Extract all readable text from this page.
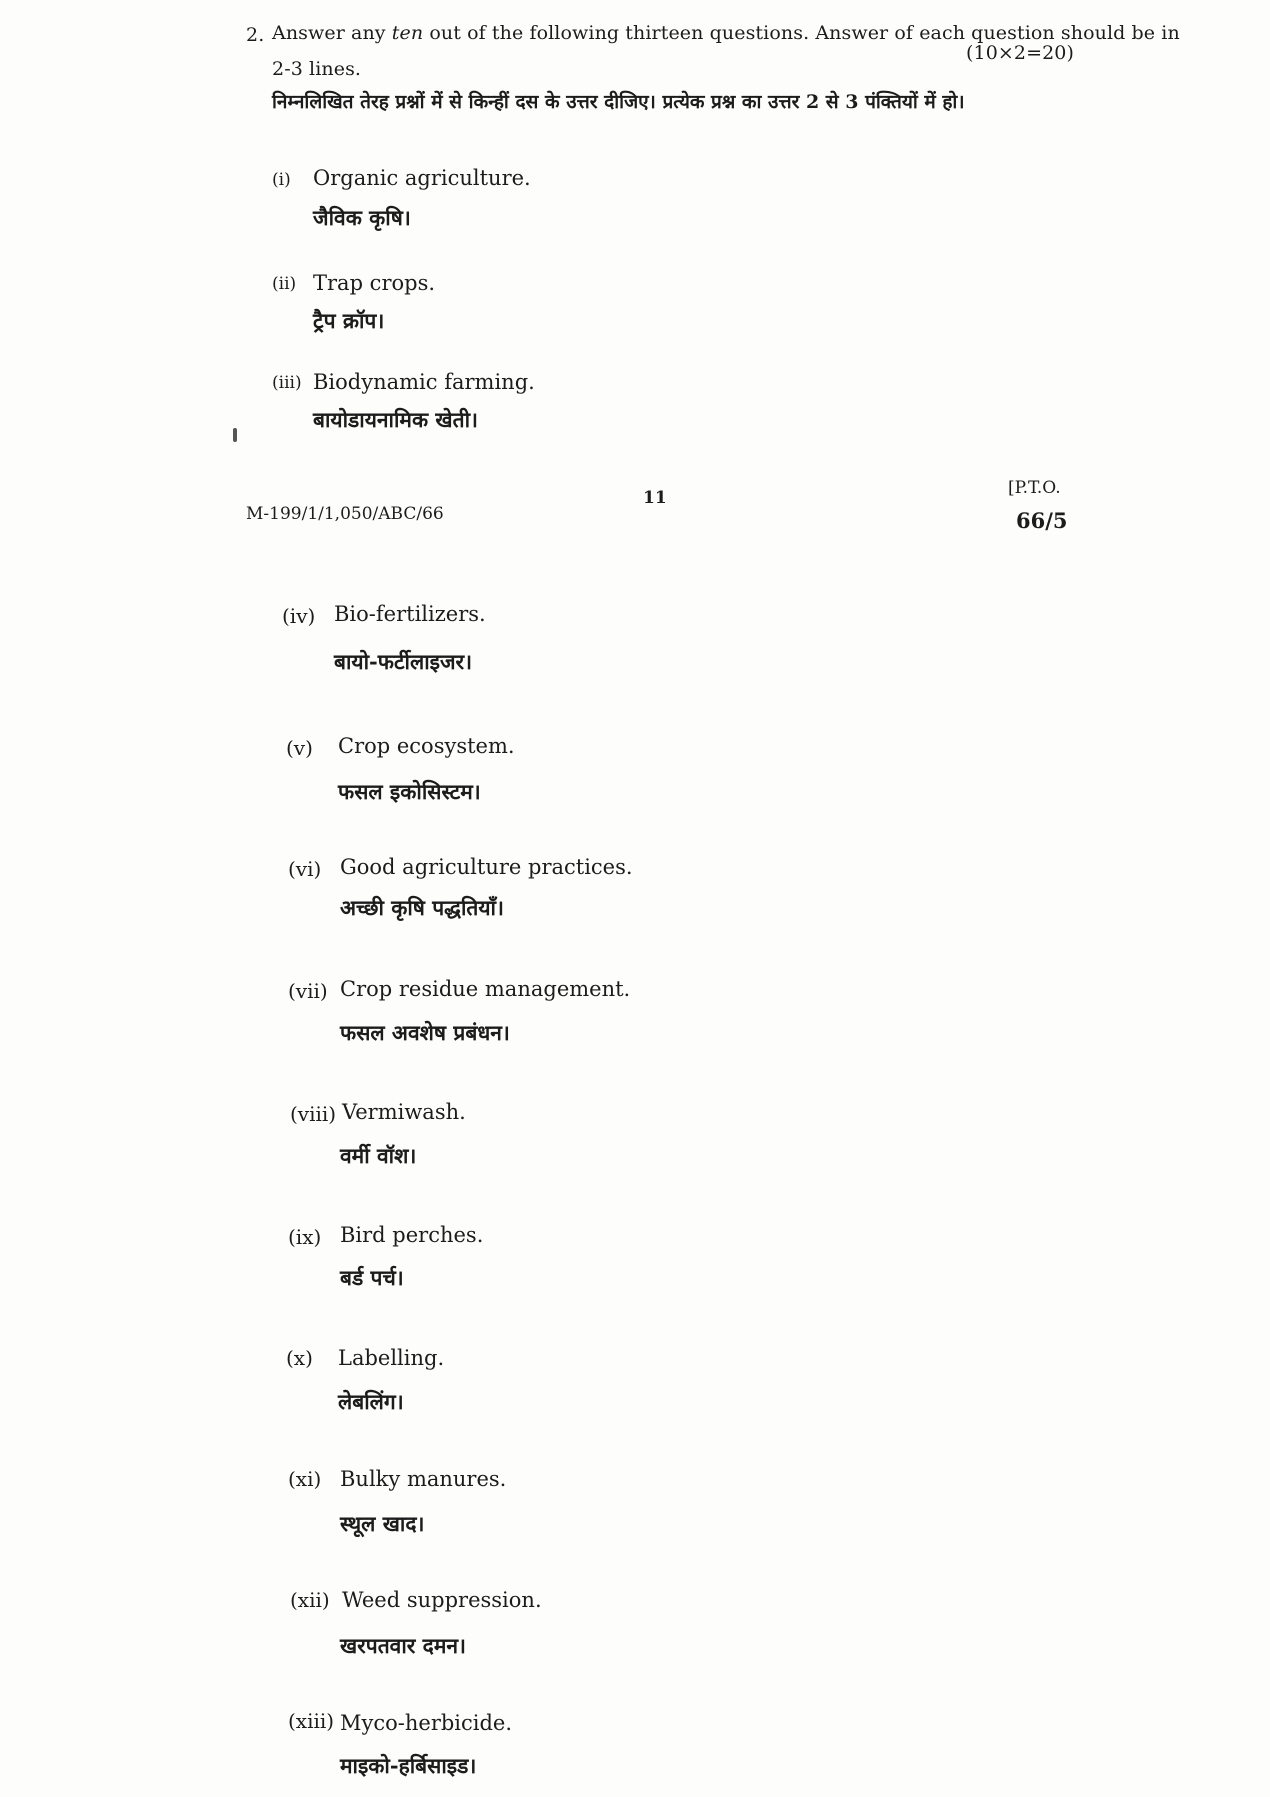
2. Answer any ten out of the following thirteen questions. Answer of each question should be in
(10×2=20)
2-3 lines.
निम्नलिखित तेरह प्रश्नों में से किन्हीं दस के उत्तर दीजिए। प्रत्येक प्रश्न का उत्तर 2 से 3 पंक्तियों में हो।
(i) Organic agriculture.
जैविक कृषि।
(ii) Trap crops.
ट्रैप क्रॉप।
(iii) Biodynamic farming.
बायोडायनामिक खेती।
M-199/1/1,050/ABC/66
11	[P.T.O.
66/5
(iv) Bio-fertilizers.
बायो-फर्टीलाइजर।
(v) Crop ecosystem.
फसल इकोसिस्टम।
(vi) Good agriculture practices.
अच्छी कृषि पद्धतियाँ।
(vii) Crop residue management.
फसल अवशेष प्रबंधन।
(viii) Vermiwash.
वर्मी वॉश।
(ix) Bird perches.
बर्ड पर्च।
(x) Labelling.
लेबलिंग।
(xi) Bulky manures.
स्थूल खाद।
(xii) Weed suppression.
खरपतवार दमन।
(xiii) Myco-herbicide.
माइको-हर्बिसाइड।
